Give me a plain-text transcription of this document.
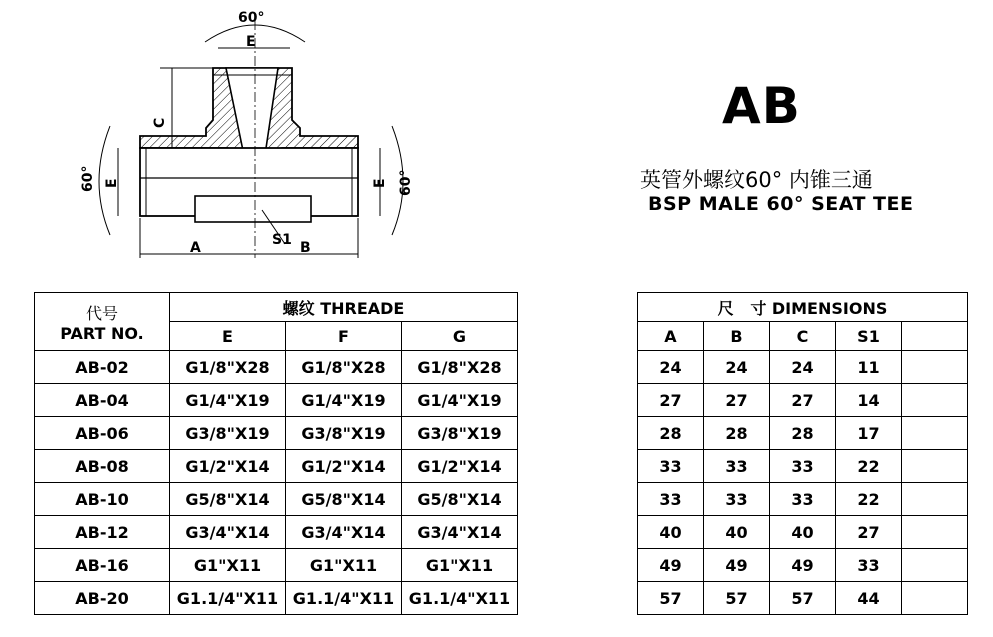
60°
E
C
E
60°	E 60°
A	S1 B
AB
英管外螺纹60° 内锥三通
BSP MALE 60° SEAT TEE
代号
PART NO.	螺纹 THREADE		
	E	F	G
AB-02	G1/8"X28	G1/8"X28	G1/8"X28
AB-04	G1/4"X19	G1/4"X19	G1/4"X19
AB-06	G3/8"X19	G3/8"X19	G3/8"X19
AB-08	G1/2"X14	G1/2"X14	G1/2"X14
AB-10	G5/8"X14	G5/8"X14	G5/8"X14
AB-12	G3/4"X14	G3/4"X14	G3/4"X14
AB-16	G1"X11	G1"X11	G1"X11
AB-20	G1.1/4"X11	G1.1/4"X11	G1.1/4"X11
尺   寸 DIMENSIONS				
A	B	C	S1	
24	24	24	11	
27	27	27	14	
28	28	28	17	
33	33	33	22	
33	33	33	22	
40	40	40	27	
49	49	49	33	
57	57	57	44	
